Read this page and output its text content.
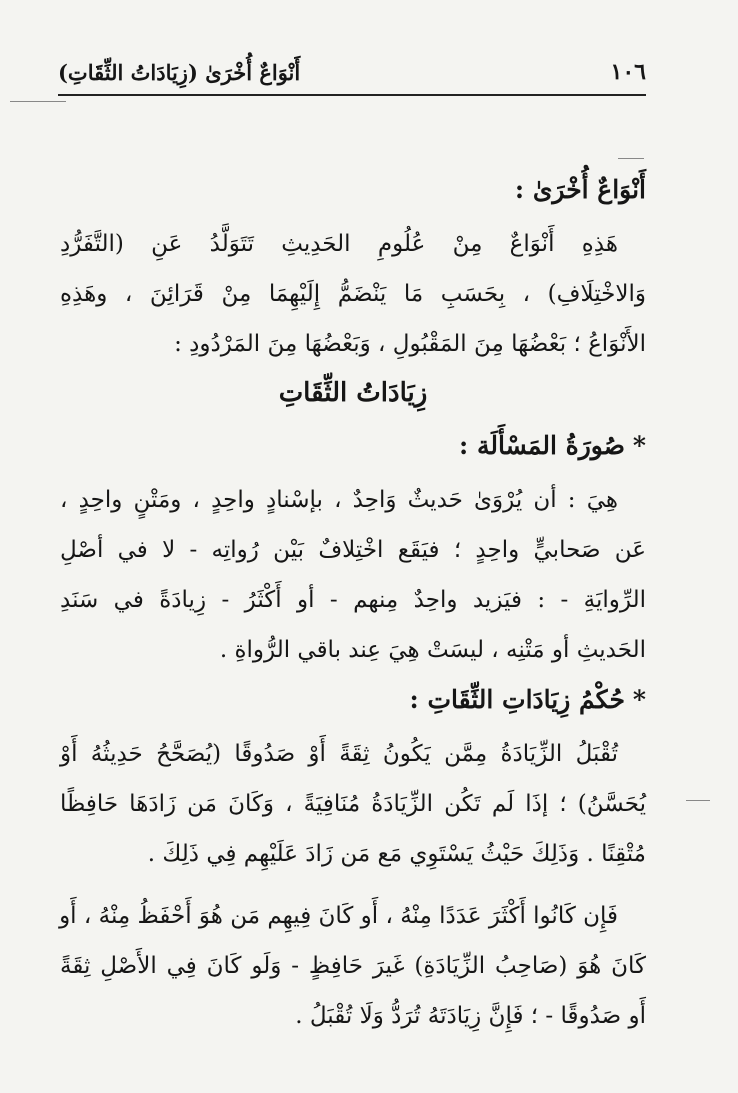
١٠٦
أَنْوَاعٌ أُخْرَىٰ (زِيَادَاتُ الثِّقَاتِ)
أَنْوَاعٌ أُخْرَىٰ :
هَذِهِ أَنْوَاعٌ مِنْ عُلُومِ الحَدِيثِ تَتَوَلَّدُ عَنِ (التَّفَرُّدِ
وَالاخْتِلَافِ) ، بِحَسَبِ مَا يَنْضَمُّ إِلَيْهِمَا مِنْ قَرَائِنَ ، وهَذِهِ
الأَنْوَاعُ ؛ بَعْضُهَا مِنَ المَقْبُولِ ، وَبَعْضُهَا مِنَ المَرْدُودِ :
زِيَادَاتُ الثِّقَاتِ
*صُورَةُ المَسْأَلَة :
هِيَ : أن يُرْوَىٰ حَديثٌ وَاحِدٌ ، بإسْنادٍ واحِدٍ ، ومَتْنٍ واحِدٍ ،
عَن صَحابيٍّ واحِدٍ ؛ فيَقَع اخْتِلافٌ بَيْن رُواتِه - لا في أصْلِ
الرِّوايَةِ - : فيَزيد واحِدٌ مِنهم - أو أَكْثَرُ - زِيادَةً في سَنَدِ
الحَديثِ أو مَتْنِه ، ليسَتْ هِيَ عِند باقي الرُّواةِ .
*حُكْمُ زِيَادَاتِ الثِّقَاتِ :
تُقْبَلُ الزِّيَادَةُ مِمَّن يَكُونُ ثِقَةً أَوْ صَدُوقًا (يُصَحَّحُ حَدِيثُهُ أَوْ
يُحَسَّنُ) ؛ إذَا لَم تَكُن الزِّيَادَةُ مُنَافِيَةً ، وَكَانَ مَن زَادَهَا حَافِظًا
مُتْقِنًا . وَذَلِكَ حَيْثُ يَسْتَوِي مَع مَن زَادَ عَلَيْهِم فِي ذَلِكَ .
فَإِن كَانُوا أَكْثَرَ عَدَدًا مِنْهُ ، أَو كَانَ فِيهِم مَن هُوَ أَحْفَظُ مِنْهُ ، أَو
كَانَ هُوَ (صَاحِبُ الزِّيَادَةِ) غَيرَ حَافِظٍ - وَلَو كَانَ فِي الأَصْلِ ثِقَةً
أَو صَدُوقًا - ؛ فَإِنَّ زِيَادَتَهُ تُرَدُّ وَلَا تُقْبَلُ .
